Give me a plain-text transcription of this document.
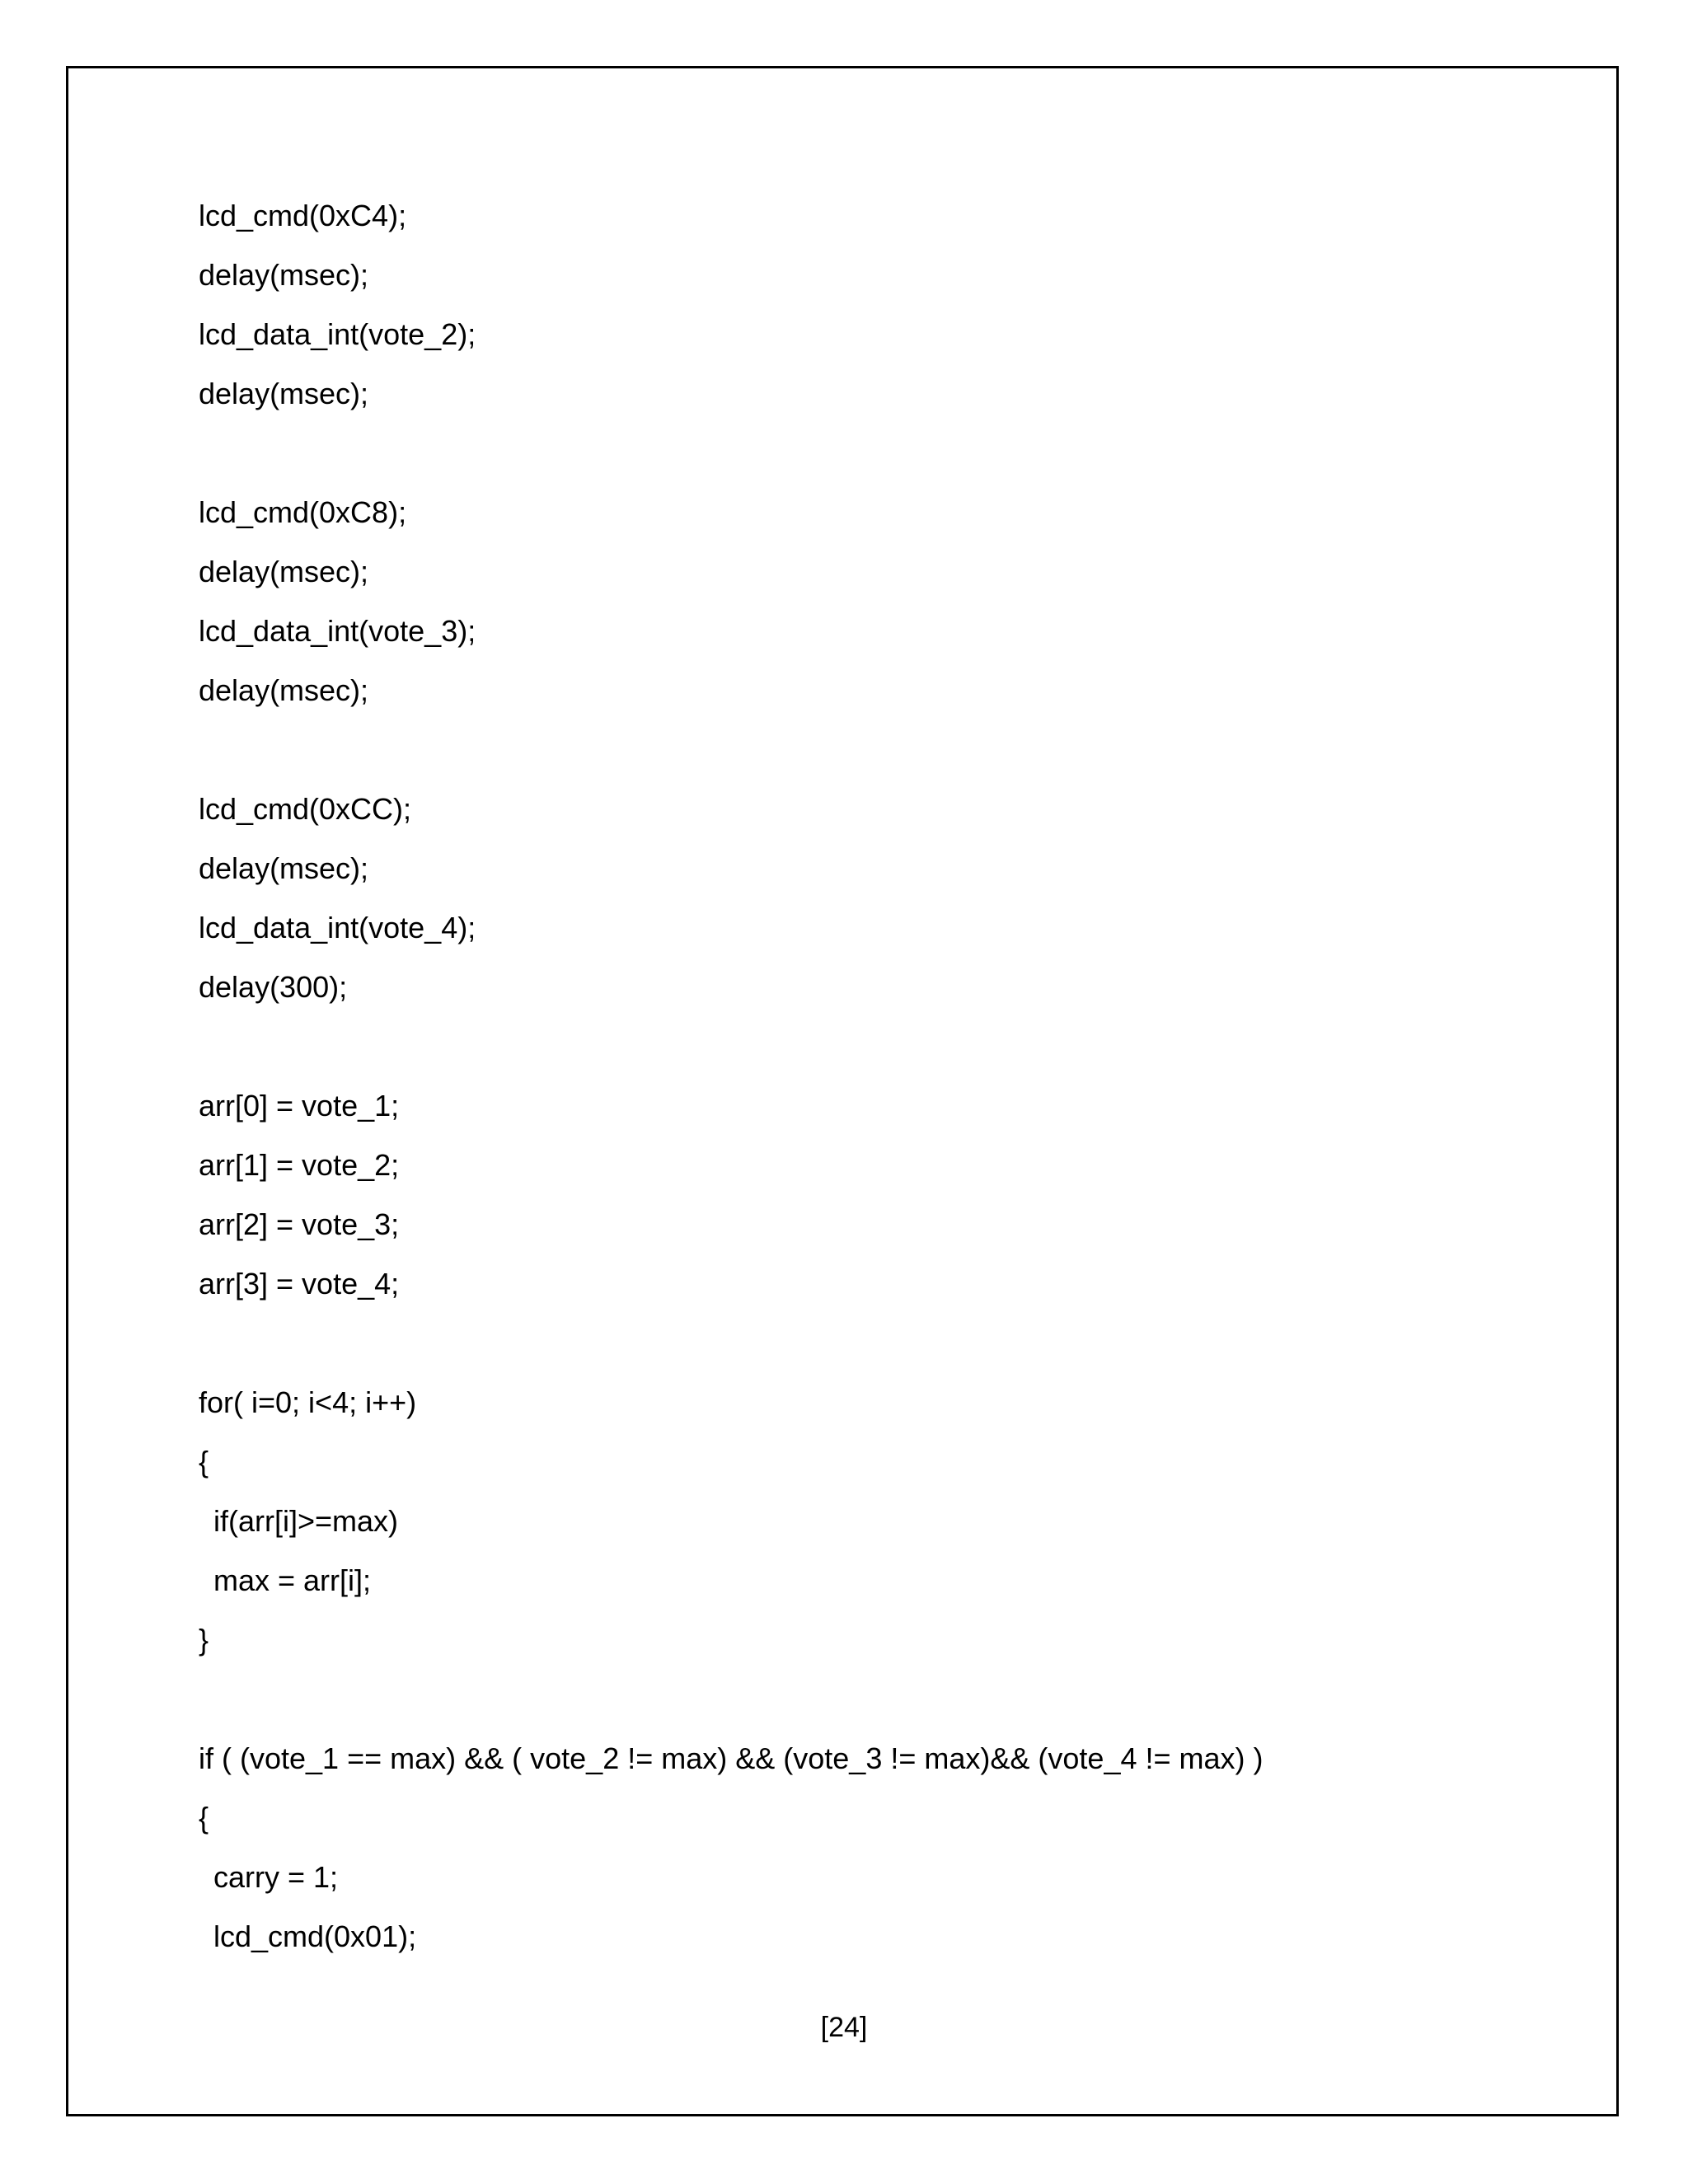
lcd_cmd(0xC4);
delay(msec);
lcd_data_int(vote_2);
delay(msec);
lcd_cmd(0xC8);
delay(msec);
lcd_data_int(vote_3);
delay(msec);
lcd_cmd(0xCC);
delay(msec);
lcd_data_int(vote_4);
delay(300);
arr[0] = vote_1;
arr[1] = vote_2;
arr[2] = vote_3;
arr[3] = vote_4;
for( i=0; i<4; i++)
{
if(arr[i]>=max)
max = arr[i];
}
if ( (vote_1 == max) && ( vote_2 != max) && (vote_3 != max)&& (vote_4 != max) )
{
carry = 1;
lcd_cmd(0x01);
[24]
